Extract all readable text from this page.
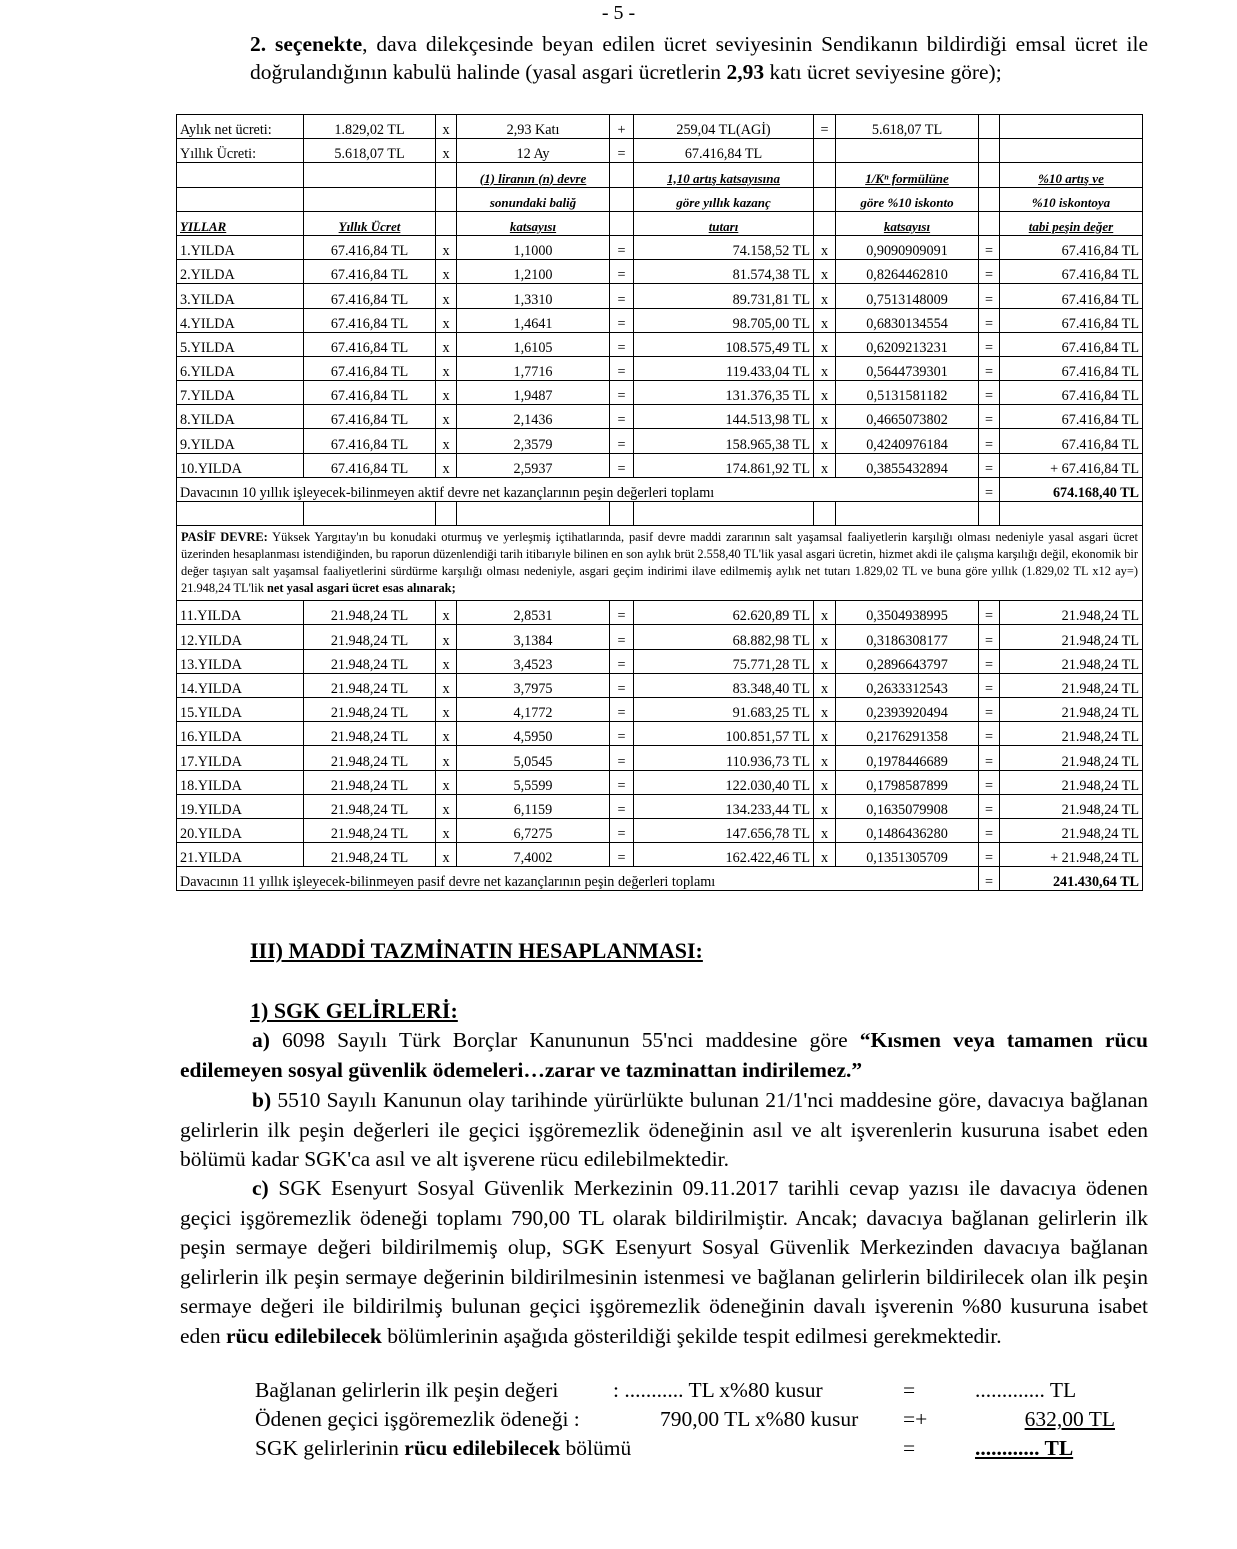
- 5 -
2. seçenekte, dava dilekçesinde beyan edilen ücret seviyesinin Sendikanın bildirdiği emsal ücret ile doğrulandığının kabulü halinde (yasal asgari ücretlerin 2,93 katı ücret seviyesine göre);
Aylık net ücreti:	1.829,02 TL	x	2,93 Katı	+	259,04 TL(AGİ)	=	5.618,07 TL		
Yıllık Ücreti:	5.618,07 TL	x	12 Ay	=	67.416,84 TL				
			(1) liranın (n) devre		1,10 artış katsayısına		1/Kⁿ formülüne		%10 artış ve
			sonundaki baliğ		göre yıllık kazanç		göre %10 iskonto		%10 iskontoya
YILLAR	Yıllık Ücret		katsayısı		tutarı		katsayısı		tabi peşin değer
1.YILDA	67.416,84 TL	x	1,1000	=	74.158,52 TL	x	0,9090909091	=	67.416,84 TL
2.YILDA	67.416,84 TL	x	1,2100	=	81.574,38 TL	x	0,8264462810	=	67.416,84 TL
3.YILDA	67.416,84 TL	x	1,3310	=	89.731,81 TL	x	0,7513148009	=	67.416,84 TL
4.YILDA	67.416,84 TL	x	1,4641	=	98.705,00 TL	x	0,6830134554	=	67.416,84 TL
5.YILDA	67.416,84 TL	x	1,6105	=	108.575,49 TL	x	0,6209213231	=	67.416,84 TL
6.YILDA	67.416,84 TL	x	1,7716	=	119.433,04 TL	x	0,5644739301	=	67.416,84 TL
7.YILDA	67.416,84 TL	x	1,9487	=	131.376,35 TL	x	0,5131581182	=	67.416,84 TL
8.YILDA	67.416,84 TL	x	2,1436	=	144.513,98 TL	x	0,4665073802	=	67.416,84 TL
9.YILDA	67.416,84 TL	x	2,3579	=	158.965,38 TL	x	0,4240976184	=	67.416,84 TL
10.YILDA	67.416,84 TL	x	2,5937	=	174.861,92 TL	x	0,3855432894	=	+ 67.416,84 TL
Davacının 10 yıllık işleyecek-bilinmeyen aktif devre net kazançlarının peşin değerleri toplamı								=	674.168,40 TL

PASİF DEVRE: Yüksek Yargıtay'ın bu konudaki oturmuş ve yerleşmiş içtihatlarında, pasif devre maddi zararının salt yaşamsal faaliyetlerin karşılığı olması nedeniyle yasal asgari ücret üzerinden hesaplanması istendiğinden, bu raporun düzenlendiği tarih itibarıyle bilinen en son aylık brüt 2.558,40 TL'lik yasal asgari ücretin, hizmet akdi ile çalışma karşılığı değil, ekonomik bir değer taşıyan salt yaşamsal faaliyetlerini sürdürme karşılığı olması nedeniyle, asgari geçim indirimi ilave edilmemiş aylık net tutarı 1.829,02 TL ve buna göre yıllık (1.829,02 TL x12 ay=) 21.948,24 TL'lik net yasal asgari ücret esas alınarak;									
11.YILDA	21.948,24 TL	x	2,8531	=	62.620,89 TL	x	0,3504938995	=	21.948,24 TL
12.YILDA	21.948,24 TL	x	3,1384	=	68.882,98 TL	x	0,3186308177	=	21.948,24 TL
13.YILDA	21.948,24 TL	x	3,4523	=	75.771,28 TL	x	0,2896643797	=	21.948,24 TL
14.YILDA	21.948,24 TL	x	3,7975	=	83.348,40 TL	x	0,2633312543	=	21.948,24 TL
15.YILDA	21.948,24 TL	x	4,1772	=	91.683,25 TL	x	0,2393920494	=	21.948,24 TL
16.YILDA	21.948,24 TL	x	4,5950	=	100.851,57 TL	x	0,2176291358	=	21.948,24 TL
17.YILDA	21.948,24 TL	x	5,0545	=	110.936,73 TL	x	0,1978446689	=	21.948,24 TL
18.YILDA	21.948,24 TL	x	5,5599	=	122.030,40 TL	x	0,1798587899	=	21.948,24 TL
19.YILDA	21.948,24 TL	x	6,1159	=	134.233,44 TL	x	0,1635079908	=	21.948,24 TL
20.YILDA	21.948,24 TL	x	6,7275	=	147.656,78 TL	x	0,1486436280	=	21.948,24 TL
21.YILDA	21.948,24 TL	x	7,4002	=	162.422,46 TL	x	0,1351305709	=	+ 21.948,24 TL
Davacının 11 yıllık işleyecek-bilinmeyen pasif devre net kazançlarının peşin değerleri toplamı								=	241.430,64 TL
III) MADDİ TAZMİNATIN HESAPLANMASI:
1) SGK GELİRLERİ:
a) 6098 Sayılı Türk Borçlar Kanununun 55'nci maddesine göre “Kısmen veya tamamen rücu edilemeyen sosyal güvenlik ödemeleri…zarar ve tazminattan indirilemez.”
b) 5510 Sayılı Kanunun olay tarihinde yürürlükte bulunan 21/1'nci maddesine göre, davacıya bağlanan gelirlerin ilk peşin değerleri ile geçici işgöremezlik ödeneğinin asıl ve alt işverenlerin kusuruna isabet eden bölümü kadar SGK'ca asıl ve alt işverene rücu edilebilmektedir.
c) SGK Esenyurt Sosyal Güvenlik Merkezinin 09.11.2017 tarihli cevap yazısı ile davacıya ödenen geçici işgöremezlik ödeneği toplamı 790,00 TL olarak bildirilmiştir. Ancak; davacıya bağlanan gelirlerin ilk peşin sermaye değeri bildirilmemiş olup, SGK Esenyurt Sosyal Güvenlik Merkezinden davacıya bağlanan gelirlerin ilk peşin sermaye değerinin bildirilmesinin istenmesi ve bağlanan gelirlerin bildirilecek olan ilk peşin sermaye değeri ile bildirilmiş bulunan geçici işgöremezlik ödeneğinin davalı işverenin %80 kusuruna isabet eden rücu edilebilecek bölümlerinin aşağıda gösterildiği şekilde tespit edilmesi gerekmektedir.
Bağlanan gelirlerin ilk peşin değeri	: ........... TL x%80 kusur	=	............. TL
Ödenen geçici işgöremezlik ödeneği :	790,00 TL x%80 kusur =+	632,00 TL
SGK gelirlerinin rücu edilebilecek bölümü	=	............ TL
